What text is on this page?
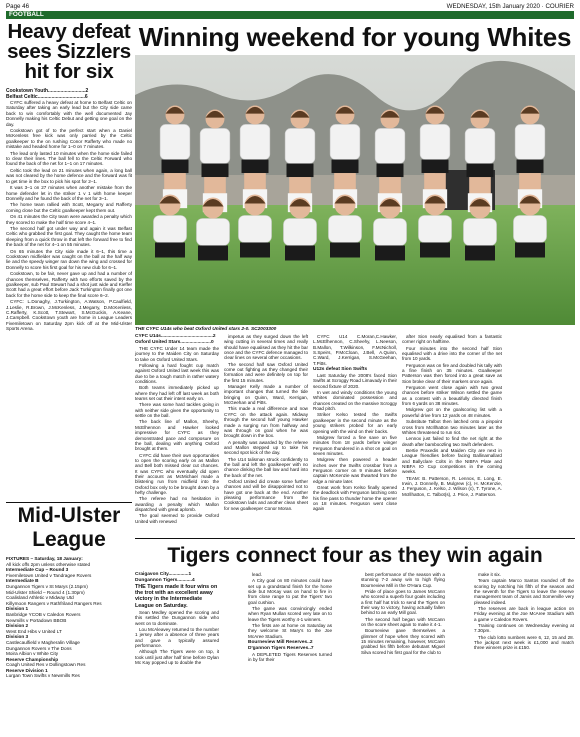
Page 46	WEDNESDAY, 15th January 2020 · COURIER
FOOTBALL
Heavy defeat sees Sizzlers hit for six
Cookstown Youth...........................2
Belfast Celtic..................................6

CYFC suffered a heavy defeat at home to Belfast Celtic on Saturday after taking an early lead but the City side came back to win comfortably with the well documented Jay Donnelly making his Celtic Debut and getting one goal on the day.

Cookstown got of to the perfect start when a Daniel McKenless free kick was only parried by the Celtic goalkeeper to the on rushing Conor Rafferty who made no mistake and headed home for 1–0 on 7 minutes.

The lead only lasted 10 minutes when the home side failed to clear their lines. The ball fell to the Celtic Forward who found the back of the net for 1–1 on 17 minutes.

Celtic took the lead on 21 minutes when again, a long ball was not cleared by the home defence and the forward was fit to get time in the box to pick his spot for 2–1.

It was 3–1 on 27 minutes when another mistake from the home defender let in the striker 1 v 1 with home keeper Donnelly and he found the back of the net for 3–1.

The home team rallied with Scott, Megarry and Rafferty coming close but the Celtic goalkeeper kept them out.

On 41 minutes the City team were awarded a penalty which they scored to make the half time score 4–1.

The second half got under way and again it was Belfast Celtic who grabbed the first goal. They caught the home team sleeping from a quick throw in that left the forward free to find the back of the net for 4–1 on 55 minutes.

On 65 minutes the City side made it 6–1, this time a Cookstown midfielder was caught on the ball at the half way lie and the speedy winger ran down the wing and crossed for Donnelly to score his first goal for his new club for 6–1.

Cookstown, to be fair, never gave up and had a number of chances themselves, Rafferty with two efforts saved by the goalkeeper, sub Paul Stewart had a shot just wide and Kieffer Scott had a great effort before Jack Turkington finally got one back for the home side to keep the final score 6–2.

CYFC: L.Donaghy, J.Turkington, A.Watson, P.Caulfield, J.Leslie, R.Brown, J.McKenless, J.Megarry, D.McKenless, C.Rafferty, K.Scott, T.Stewart, S.McGuckin, A.Keane, J.Campbell. Cookstown youth are home in League Leaders Fivemiletown on Saturday 2pm kick off at the Mid-Ulster Sports Arena.

Mid-Ulster League

FIXTURES – Saturday, 18 January:

All kick offs 2pm unless otherwise stated

Intermediate Cup – Round 3

Fivemiletown United v Tandragee Rovers

Intermediate B

Dungannon Tigers v St Marys (2.15pm)

Mid-Ulster Shield – Round 4 (1.30pm)

Coalisland Athletic v Midway Utd

Killymoon Rangers v Rathfriland Rangers Res

Division 1

Banbridge YCOB v Caledon Rovers

Newmills v Portadown BBOB

Division 2

West End Hibs v United LT

Division 3

Castlecaulfield v Magheralin Village

Dungannon Rovers v The Dons

Moira Albion v White City

Reserve Championship

Coagh United Res v Dollingstown Res

Reserve Division 1

Lurgan Town Swifts v Newmills Res

Winning weekend for young Whites

THE CYFC U14s who beat Oxford United stars 2-0. SC2003300

CYFC U14s.......................................2

Oxford United Stars.......................0

THE CYFC Under 14 team made the journey to the Maiden City on Saturday to take on Oxford United Stars.

Following a hard fought cup match against Oxford United last week this was due to be a tough match in rather watery conditions.

Both teams immediately picked up where they had left off last week as both teams set out their intent early on.

There was some hard tackles going in with neither side given the opportunity to settle on the ball.

The back line of Mallon, Sheehy, McElhennon and Hawker looked impressive for CYFC as they demonstrated pace and composure on the ball, dealing with anything Oxford brought at them.

CYFC did have their own opportunities to open the scoring early on as Mallon and Bell both missed clear cut chances. It was CYFC who eventually did open their account as McMichael made a blistering run from midfield into the Oxford box only to be brought down by a hefty challenge.

The referee had no hesitation in awarding a penalty which Mallon dispatched with great aplomb.

The goal seemed to provide Oxford United with renewed

impetus as they surged down the left wing cutting in several times and really should have equalised as they hit the bar once and the CYFC defence managed to clear lines on several other occasions.

The second half saw Oxford United come out fighting as they changed their formation and were definitely on top for the first 15 minutes.

Manager Kelly made a number of important changes that turned the tide bringing on Quinn, Ward, Kerrigan, McGeehan and Pitts.

This made a real difference and now CYFC on the attack again. Midway through the second half young Hawker made a surging run from halfway and was through on goal when he was brought down in the box.

A penalty was awarded by the referee and Mallon stepped up to take his second spot kick of the day.

The U14 talisman struck confidently to the ball and left the goalkeeper with no chance dinking the ball low and hard into the back of the net.

Oxford United did create some further chances and will be disappointed not to have got one back at the end. Another pleasing performance from the Cookstown lads and another clean sheet for new goalkeeper Conor Moran.

CYFC U14 C.Moran,C.Hawker, L.McElhennon, C.Sheehy, L.Neeson, B.Mallon, T.Wilkinson, F.McNicholl, S.Speirs, P.McCloan, J.Bell, A.Quinn, C.Ward, J.Kerrigan, S.McGeehan, T.Pitts.

U12s defeat Sion Swifts

Last Saturday the 2008's faced Sion Swifts at Scroggy Road Limavady in their second fixture of 2020.

In wet and windy conditions the young Whites dominated possession and chances created on the massive Scroggy Road pitch.

Striker Kelso tested the Swifts goalkeeper in the second minute as the young strikers probed for an early opening with the wind on their backs.

Mulgrew forced a fine save on five minutes from 18 yards before winger Ferguson thundered in a shot on goal on seven minutes.

Mulgrew then powered a header inches over the Swifts crossbar from a Ferguson corner on 9 minutes before captain McKenzie was thwarted from the edge a minute later.

Great work from Kelso finally opened the deadlock with Ferguson latching onto his fine pass to thunder home the opener on 18 minutes. Ferguson went close again

after Sion nearly equalised from a fantastic corner right on halftime.

Four minutes into the second half Sion equalised with a drive into the corner of the net from 10 yards.

Ferguson was on fire and doubled his tally with a fine finish on 35 minutes. Goalkeeper Patterson was then forced into a great save as Sion broke clear of their markers once again.

Ferguson went close again with two great chances before striker Wilson settled the game as a contest with a beautifully directed finish from 6 yards on 38 minutes.

Mulgrew got on the goalscoring list with a powerful drive from 12 yards on 48 minutes.

Substitute Talbot then latched onto a pinpoint cross from McIllhatton two minutes later as the Whites threatened to run riot.

Lennox just failed to find the net right at the death after bamboozling two Swift defenders.

Bertie Praxedis and Maiden City are next in League friendlies before facing Ballinamallard and Ballyclare Colts in the NIBFA Plate and NIBFA IO Cup competitions in the coming weeks.

TEAM: B. Patterson, R. Lennox, E. Long, E. Irwin, J. Donnelly, B. Mulgrew (c), H. McKenzie, J. Ferguson, J. Kelso, J. Wilson (c), T. Tyrone, A. McIllhatton, C. Talbot(s), J. Price, J. Patterson.

Tigers connect four as they win again

Craigavon City...............1

Dungannon Tigers...........4

THE Tigers made it four wins on the trot with an excellent away victory in the Intermediate League on Saturday.

Sean Medley opened the scoring and this settled the Dungannon side who went on to dominate.

Lou McAleavey returned to the number 1 jersey after a absence of three years and gave a typically assured performance.

Although The Tigers were on top, it took until just after half time before Dylan Mc Kay popped up to double the

lead.

A City goal on 80 minutes could have set up a grandstand finish for the home side but McKay was on hand to fire in from close range to put the Tigers' two goal cushion.

The game was convincingly ended when Ryan Mullan scored very late on to leave the Tigers worthy 4-1 winners.

The firsts are at home on Saturday as they welcome St Mary's to the Joe McAree Stadium.

Bourneview Mill Reserves..2

D'gannon Tigers Reserves..7

A DEPLETED Tigers Reserves turned in by far their

best performance of the season with a stunning 7-2 away win to high flying Bourneview Mill in the O'Hara Cup.

Pride of place goes to James McCann who scored a superb four goals including a first half hat trick to send the Tigers on their way to victory, having actually fallen behind to an early Mill goal.

The second half began with McCann on the score sheet again to make it 4-1.

Bourneview gave themselves a glimmer of hope when they scored with 15 minutes remaining, however, McCann grabbed his fifth before debutant Miguel Silva scored his first goal for the club to

make it six.

Team captain Marco Santos rounded off the scoring by notching his fifth of the season and the seventh for the Tigers to leave the reserve management team of Jarvis and Somerville very pleased indeed.

The reserves are back in league action on Friday evening at the Joe McAree Stadium with a game v Caledon Rovers.

Training continues on Wednesday evening at 7.30pm.

The club lotto numbers were 6, 12, 15 and 28. The jackpot next week is £1,000 and match three winners prize is £150.
